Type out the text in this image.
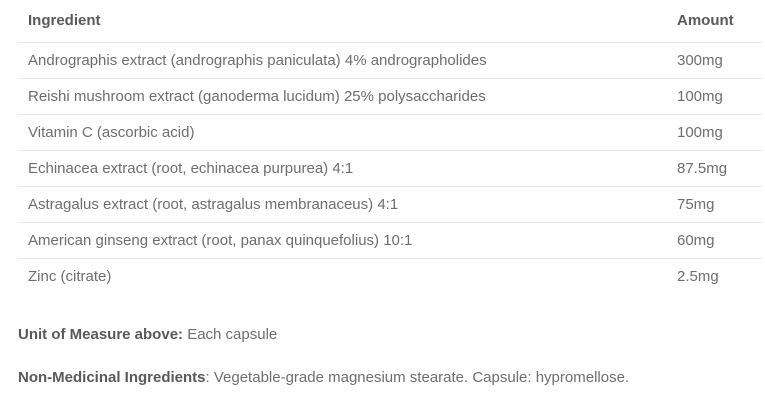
Ingredient	Amount
Andrographis extract (andrographis paniculata) 4% andrographolides	300mg
Reishi mushroom extract (ganoderma lucidum) 25% polysaccharides	100mg
Vitamin C (ascorbic acid)	100mg
Echinacea extract (root, echinacea purpurea) 4:1	87.5mg
Astragalus extract (root, astragalus membranaceus) 4:1	75mg
American ginseng extract (root, panax quinquefolius) 10:1	60mg
Zinc (citrate)	2.5mg

Unit of Measure above: Each capsule

Non-Medicinal Ingredients: Vegetable-grade magnesium stearate. Capsule: hypromellose.
